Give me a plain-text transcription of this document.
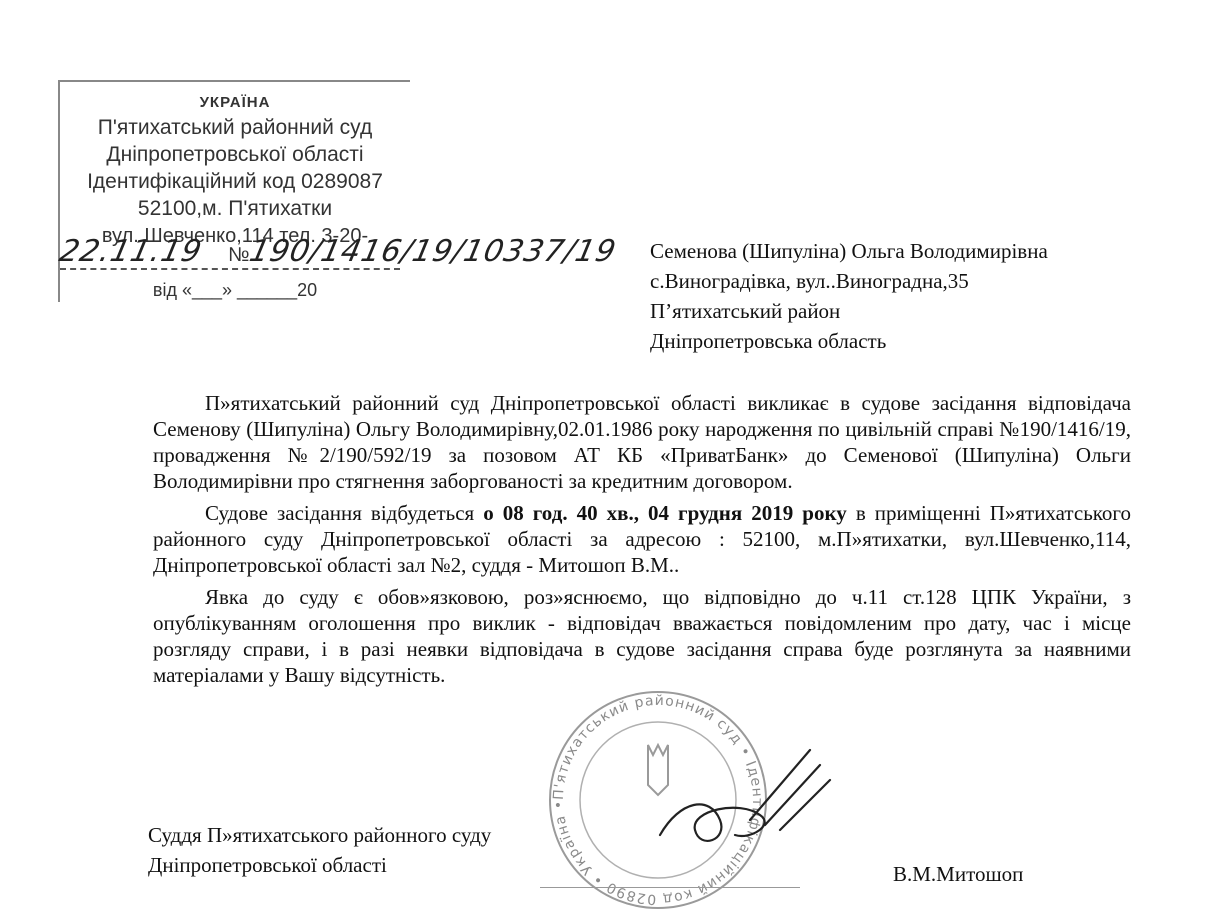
УКРАЇНА
П'ятихатський районний суд
Дніпропетровської області
Ідентифікаційний код 0289087
52100,м. П'ятихатки
вул. Шевченко,114 тел. 3-20-
від «___» ______20
22.11.19 №
190/1416/19/10337/19 Семенова (Шипуліна) Ольга Володимирівна
с.Виноградівка, вул..Виноградна,35
П’ятихатський район
Дніпропетровська область

П»ятихатський районний суд Дніпропетровської області викликає в судове засідання відповідача Семенову (Шипуліна) Ольгу Володимирівну,02.01.1986 року народження по цивільній справі №190/1416/19, провадження №2/190/592/19 за позовом АТ КБ «ПриватБанк» до Семенової (Шипуліна) Ольги Володимирівни про стягнення заборгованості за кредитним договором.

Судове засідання відбудеться о 08 год. 40 хв., 04 грудня 2019 року в приміщенні П»ятихатського районного суду Дніпропетровської області за адресою : 52100, м.П»ятихатки, вул.Шевченко,114, Дніпропетровської області зал №2, суддя - Митошоп В.М..

Явка до суду є обов»язковою, роз»яснюємо, що відповідно до ч.11 ст.128 ЦПК України, з опублікуванням оголошення про виклик - відповідач вважається повідомленим про дату, час і місце розгляду справи, і в разі неявки відповідача в судове засідання справа буде розглянута за наявними матеріалами у Вашу відсутність.

П'ятихатський районний суд • Ідентифікаційний код 02890 • Україна •
Суддя П»ятихатського районного суду
Дніпропетровської області	В.М.Митошоп
